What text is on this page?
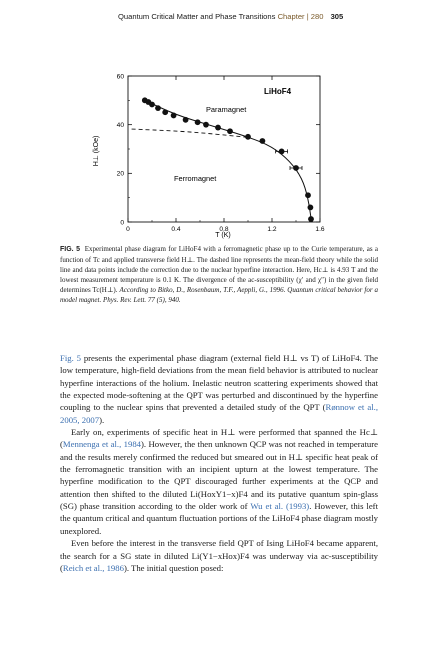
Quantum Critical Matter and Phase Transitions Chapter | 280 305
0	0.4	0.8	1.2	1.6
0
20
40
60
LiHoF4
Paramagnet
Ferromagnet
T (K)
H⊥ (kOe)
FIG. 5 Experimental phase diagram for LiHoF4 with a ferromagnetic phase up to the Curie temperature, as a function of Tc and applied transverse field H⊥. The dashed line represents the mean-field theory while the solid line and data points include the correction due to the nuclear hyperfine interaction. Here, Hc⊥ is 4.93 T and the lowest measurement temperature is 0.1 K. The divergence of the ac-susceptibility (χ′ and χ″) in the given field determines Tc(H⊥). According to Bitko, D., Rosenbaum, T.F., Aeppli, G., 1996. Quantum critical behavior for a model magnet. Phys. Rev. Lett. 77 (5), 940.

Fig. 5 presents the experimental phase diagram (external field H⊥ vs T) of LiHoF4. The low temperature, high-field deviations from the mean field behavior is attributed to nuclear hyperfine interactions of the holium. Inelastic neutron scattering experiments showed that the expected mode-softening at the QPT was perturbed and discontinued by the hyperfine coupling to the nuclear spins that prevented a detailed study of the QPT (Rønnow et al., 2005, 2007).

Early on, experiments of specific heat in H⊥ were performed that spanned the Hc⊥ (Mennenga et al., 1984). However, the then unknown QCP was not reached in temperature and the results merely confirmed the reduced but smeared out in H⊥ specific heat peak of the ferromagnetic transition with an incipient upturn at the lowest temperature. The hyperfine modification to the QPT discouraged further experiments at the QCP and attention then shifted to the diluted Li(HoxY1−x)F4 and its putative quantum spin-glass (SG) phase transition according to the older work of Wu et al. (1993). However, this left the quantum critical and quantum fluctuation portions of the LiHoF4 phase diagram mostly unexplored.

Even before the interest in the transverse field QPT of Ising LiHoF4 became apparent, the search for a SG state in diluted Li(Y1−xHox)F4 was underway via ac-susceptibility (Reich et al., 1986). The initial question posed:
